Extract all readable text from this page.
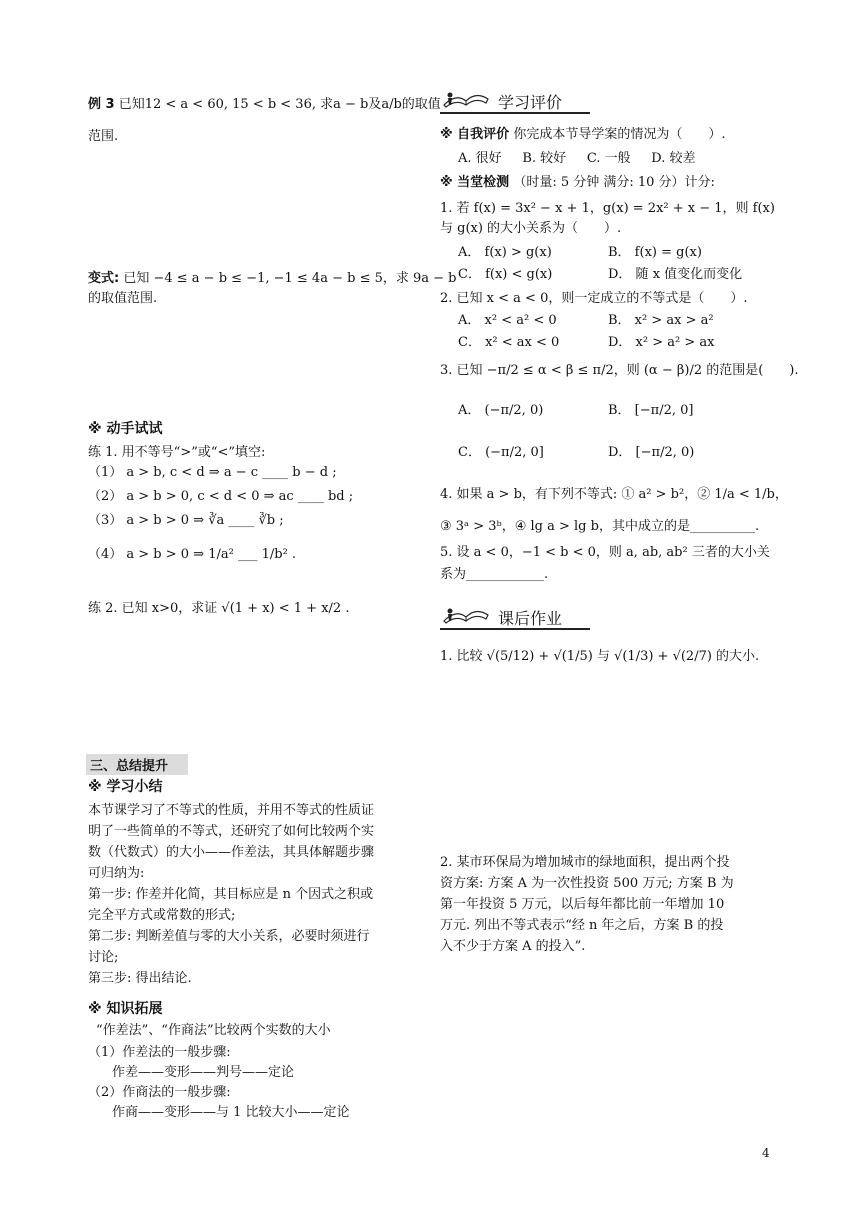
例 3 已知12 < a < 60, 15 < b < 36, 求a − b及a/b的取值
范围.
变式: 已知 −4 ≤ a − b ≤ −1, −1 ≤ 4a − b ≤ 5，求 9a − b
的取值范围.
※ 动手试试
练 1. 用不等号“>”或“<”填空:
（1） a > b, c < d ⇒ a − c ____ b − d ;
（2） a > b > 0, c < d < 0 ⇒ ac ____ bd ;
（3） a > b > 0 ⇒ ∛a ____ ∛b ;
（4） a > b > 0 ⇒ 1/a² ___ 1/b² .
练 2. 已知 x>0，求证 √(1 + x) < 1 + x/2 .
三、总结提升
※ 学习小结
本节课学习了不等式的性质，并用不等式的性质证
明了一些简单的不等式，还研究了如何比较两个实
数（代数式）的大小——作差法，其具体解题步骤
可归纳为:
第一步: 作差并化简，其目标应是 n 个因式之积或
完全平方式或常数的形式;
第二步: 判断差值与零的大小关系，必要时须进行
讨论;
第三步: 得出结论.
※ 知识拓展
“作差法”、“作商法”比较两个实数的大小
（1）作差法的一般步骤:
作差——变形——判号——定论
（2）作商法的一般步骤:
作商——变形——与 1 比较大小——定论
学习评价
※ 自我评价 你完成本节导学案的情况为（　　）.
A. 很好 B. 较好 C. 一般 D. 较差
※ 当堂检测 （时量: 5 分钟 满分: 10 分）计分:
1. 若 f(x) = 3x² − x + 1，g(x) = 2x² + x − 1，则 f(x)
与 g(x) 的大小关系为（　　）.
A． f(x) > g(x)	B． f(x) = g(x)
C． f(x) < g(x)	D． 随 x 值变化而变化
2. 已知 x < a < 0，则一定成立的不等式是（　　）.
A． x² < a² < 0	B． x² > ax > a²
C． x² < ax < 0	D． x² > a² > ax
3. 已知 −π/2 ≤ α < β ≤ π/2，则 (α − β)/2 的范围是(　　).
A． (−π/2, 0)	B． [−π/2, 0]
C． (−π/2, 0]	D． [−π/2, 0)
4. 如果 a > b，有下列不等式: ① a² > b²，② 1/a < 1/b，
③ 3ᵃ > 3ᵇ，④ lg a > lg b，其中成立的是__________.
5. 设 a < 0，−1 < b < 0，则 a, ab, ab² 三者的大小关
系为____________.
课后作业
1. 比较 √(5/12) + √(1/5) 与 √(1/3) + √(2/7) 的大小.
2. 某市环保局为增加城市的绿地面积，提出两个投
资方案: 方案 A 为一次性投资 500 万元; 方案 B 为
第一年投资 5 万元，以后每年都比前一年增加 10
万元. 列出不等式表示“经 n 年之后，方案 B 的投
入不少于方案 A 的投入”.
4
